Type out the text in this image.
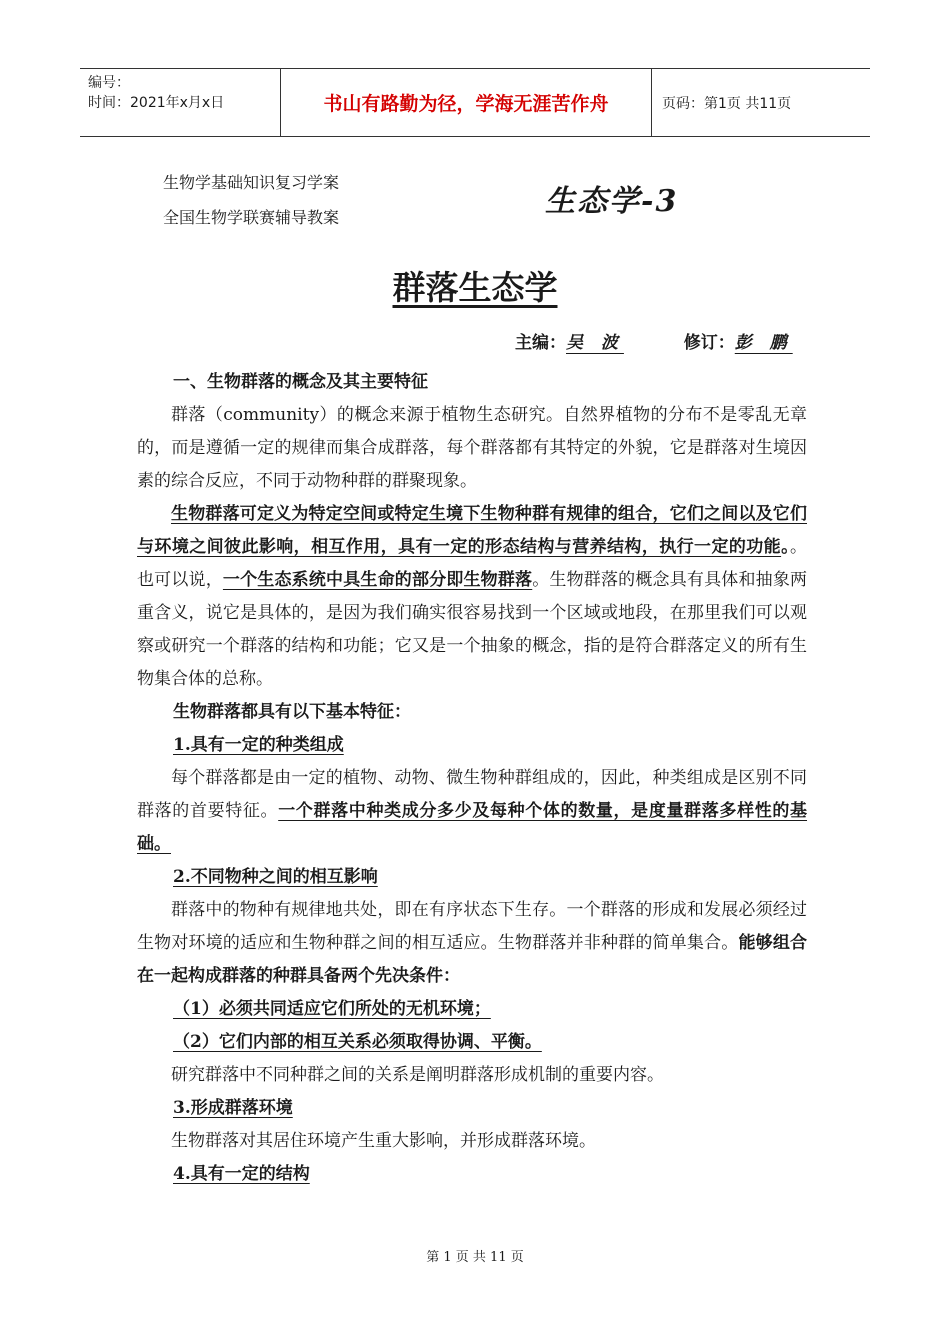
编号：
时间：2021年x月x日	书山有路勤为径，学海无涯苦作舟	页码：第1页 共11页
生物学基础知识复习学案
全国生物学联赛辅导教案	生态学-3
群落生态学
主编：吴 波	修订：彭 鹏

一、生物群落的概念及其主要特征

群落（community）的概念来源于植物生态研究。自然界植物的分布不是零乱无章的，而是遵循一定的规律而集合成群落，每个群落都有其特定的外貌，它是群落对生境因素的综合反应，不同于动物种群的群聚现象。

生物群落可定义为特定空间或特定生境下生物种群有规律的组合，它们之间以及它们与环境之间彼此影响，相互作用，具有一定的形态结构与营养结构，执行一定的功能。。也可以说，一个生态系统中具生命的部分即生物群落。生物群落的概念具有具体和抽象两重含义，说它是具体的，是因为我们确实很容易找到一个区域或地段，在那里我们可以观察或研究一个群落的结构和功能；它又是一个抽象的概念，指的是符合群落定义的所有生物集合体的总称。

生物群落都具有以下基本特征：

1.具有一定的种类组成

每个群落都是由一定的植物、动物、微生物种群组成的，因此，种类组成是区别不同群落的首要特征。一个群落中种类成分多少及每种个体的数量，是度量群落多样性的基础。

2.不同物种之间的相互影响

群落中的物种有规律地共处，即在有序状态下生存。一个群落的形成和发展必须经过生物对环境的适应和生物种群之间的相互适应。生物群落并非种群的简单集合。能够组合在一起构成群落的种群具备两个先决条件：

（1）必须共同适应它们所处的无机环境；

（2）它们内部的相互关系必须取得协调、平衡。

研究群落中不同种群之间的关系是阐明群落形成机制的重要内容。

3.形成群落环境

生物群落对其居住环境产生重大影响，并形成群落环境。

4.具有一定的结构

第 1 页 共 11 页
